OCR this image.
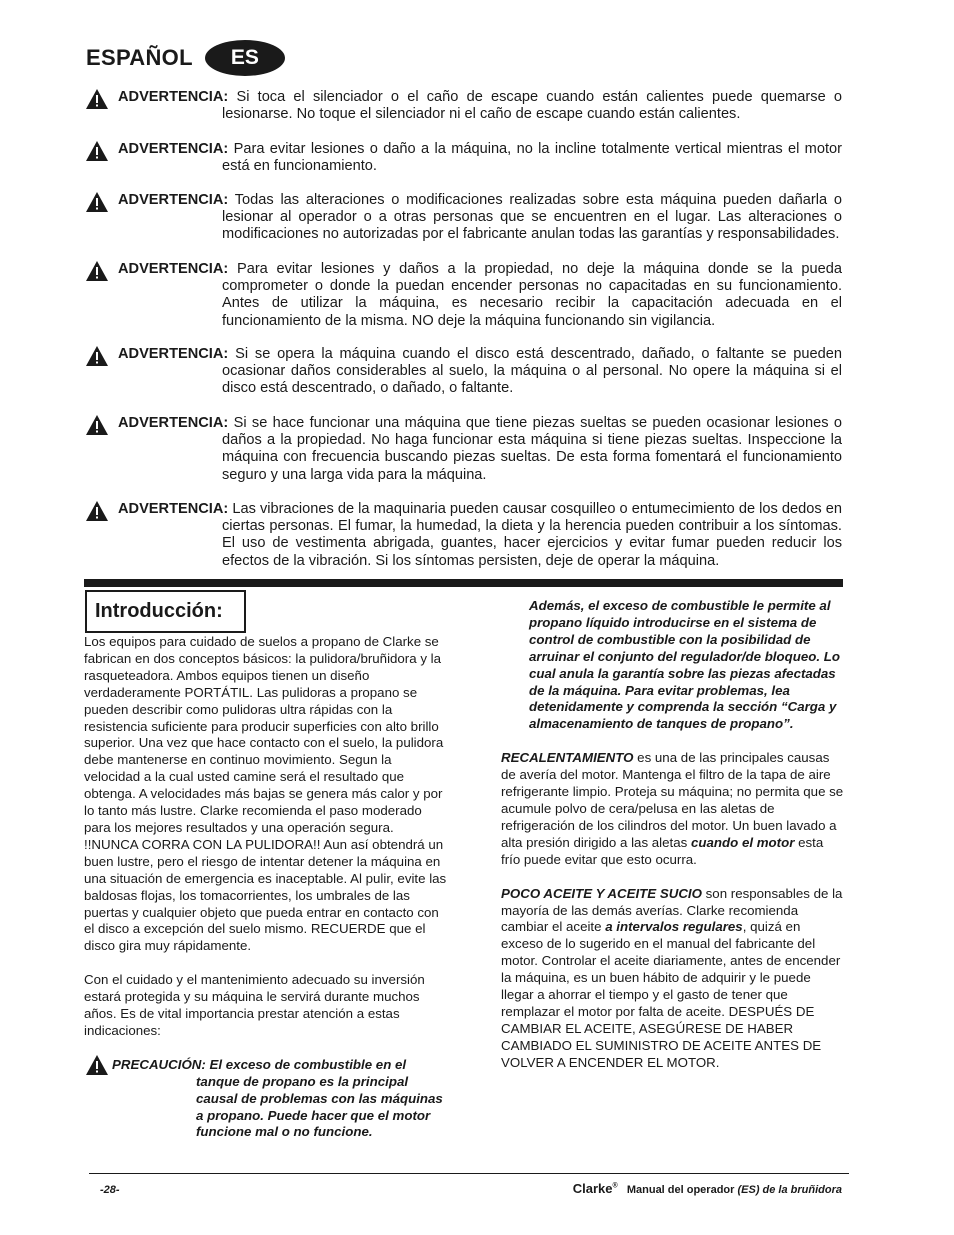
ESPAÑOL	ES

ADVERTENCIA: Si toca el silenciador o el caño de escape cuando están calientes puede quemarse o lesionarse. No toque el silenciador ni el caño de escape cuando están calientes.

ADVERTENCIA: Para evitar lesiones o daño a la máquina, no la incline totalmente vertical mientras el motor está en funcionamiento.

ADVERTENCIA: Todas las alteraciones o modificaciones realizadas sobre esta máquina pueden dañarla o lesionar al operador o a otras personas que se encuentren en el lugar. Las alteraciones o modificaciones no autorizadas por el fabricante anulan todas las garantías y responsabilidades.

ADVERTENCIA: Para evitar lesiones y daños a la propiedad, no deje la máquina donde se la pueda comprometer o donde la puedan encender personas no capacitadas en su funcionamiento. Antes de utilizar la máquina, es necesario recibir la capacitación adecuada en el funcionamiento de la misma. NO deje la máquina funcionando sin vigilancia.

ADVERTENCIA: Si se opera la máquina cuando el disco está descentrado, dañado, o faltante se pueden ocasionar daños considerables al suelo, la máquina o al personal. No opere la máquina si el disco está descentrado, o dañado, o faltante.

ADVERTENCIA: Si se hace funcionar una máquina que tiene piezas sueltas se pueden ocasionar lesiones o daños a la propiedad. No haga funcionar esta máquina si tiene piezas sueltas. Inspeccione la máquina con frecuencia buscando piezas sueltas. De esta forma fomentará el funcionamiento seguro y una larga vida para la máquina.

ADVERTENCIA: Las vibraciones de la maquinaria pueden causar cosquilleo o entumecimiento de los dedos en ciertas personas. El fumar, la humedad, la dieta y la herencia pueden contribuir a los síntomas. El uso de vestimenta abrigada, guantes, hacer ejercicios y evitar fumar pueden reducir los efectos de la vibración. Si los síntomas persisten, deje de operar la máquina.

Introducción:

Los equipos para cuidado de suelos a propano de Clarke se fabrican en dos conceptos básicos: la pulidora/bruñidora y la rasqueteadora. Ambos equipos tienen un diseño verdaderamente PORTÁTIL. Las pulidoras a propano se pueden describir como pulidoras ultra rápidas con la resistencia suficiente para producir superficies con alto brillo superior. Una vez que hace contacto con el suelo, la pulidora debe mantenerse en continuo movimiento. Segun la velocidad a la cual usted camine será el resultado que obtenga. A velocidades más bajas se genera más calor y por lo tanto más lustre. Clarke recomienda el paso moderado para los mejores resultados y una operación segura. !!NUNCA CORRA CON LA PULIDORA!! Aun así obtendrá un buen lustre, pero el riesgo de intentar detener la máquina en una situación de emergencia es inaceptable. Al pulir, evite las baldosas flojas, los tomacorrientes, los umbrales de las puertas y cualquier objeto que pueda entrar en contacto con el disco a excepción del suelo mismo. RECUERDE que el disco gira muy rápidamente.

Con el cuidado y el mantenimiento adecuado su inversión estará protegida y su máquina le servirá durante muchos años. Es de vital importancia prestar atención a estas indicaciones:

PRECAUCIÓN: El exceso de combustible en el tanque de propano es la principal causal de problemas con las máquinas a propano. Puede hacer que el motor funcione mal o no funcione.

Además, el exceso de combustible le permite al propano líquido introducirse en el sistema de control de combustible con la posibilidad de arruinar el conjunto del regulador/de bloqueo. Lo cual anula la garantía sobre las piezas afectadas de la máquina. Para evitar problemas, lea detenidamente y comprenda la sección “Carga y almacenamiento de tanques de propano”.

RECALENTAMIENTO es una de las principales causas de avería del motor. Mantenga el filtro de la tapa de aire refrigerante limpio. Proteja su máquina; no permita que se acumule polvo de cera/pelusa en las aletas de refrigeración de los cilindros del motor. Un buen lavado a alta presión dirigido a las aletas cuando el motor esta frío puede evitar que esto ocurra.

POCO ACEITE Y ACEITE SUCIO son responsables de la mayoría de las demás averías. Clarke recomienda cambiar el aceite a intervalos regulares, quizá en exceso de lo sugerido en el manual del fabricante del motor. Controlar el aceite diariamente, antes de encender la máquina, es un buen hábito de adquirir y le puede llegar a ahorrar el tiempo y el gasto de tener que remplazar el motor por falta de aceite. DESPUÉS DE CAMBIAR EL ACEITE, ASEGÚRESE DE HABER CAMBIADO EL SUMINISTRO DE ACEITE ANTES DE VOLVER A ENCENDER EL MOTOR.

-28-	Clarke® Manual del operador (ES) de la bruñidora
